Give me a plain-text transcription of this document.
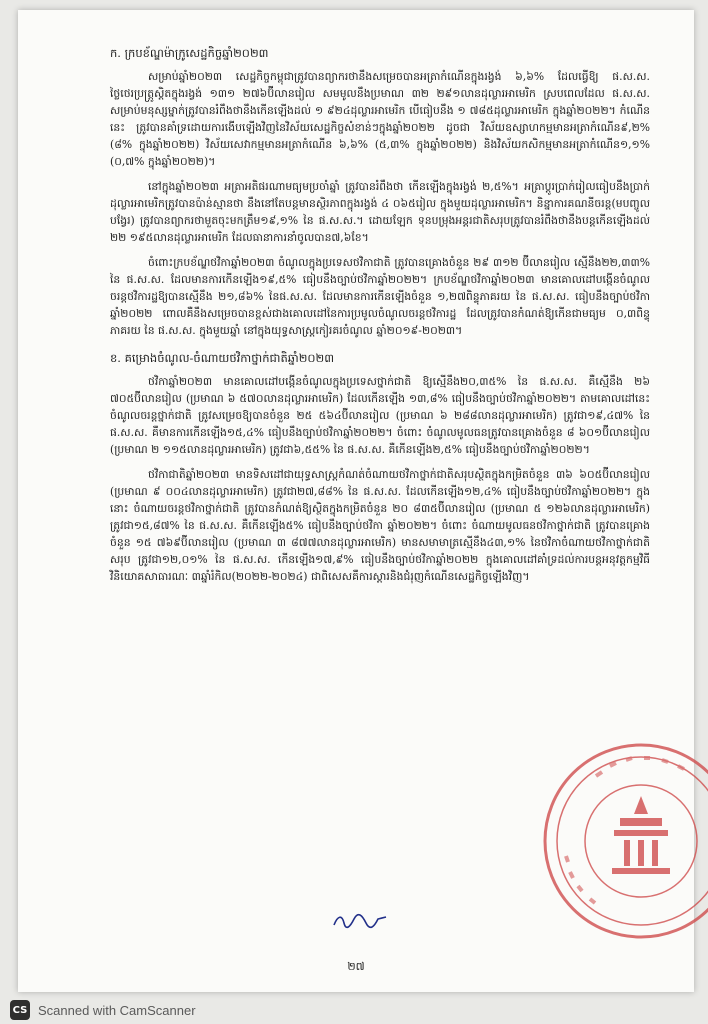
ក. ក្របខ័ណ្ឌម៉ាក្រូសេដ្ឋកិច្ចឆ្នាំ២០២៣

សម្រាប់ឆ្នាំ២០២៣ សេដ្ឋកិច្ចកម្ពុជាត្រូវបានព្យាករថានឹងសម្រេចបានអត្រាកំណើនក្នុងរង្វង់ ៦,៦% ដែលធ្វើឱ្យ ផ.ស.ស. ថ្លៃថេរប្រត្ត្រូស្តិតក្នុងរង្វង់ ១៣១ ២៧៦ប៊ីលានរៀល សមមូលនឹងប្រមាណ ៣២ ២៩១លានដុល្លារអាមេរិក ស្របពេលដែល ផ.ស.ស. សម្រាប់មនុស្សម្នាក់ត្រូវបានរំពឹងថានឹងកើនឡើងដល់ ១ ៩២៤ដុល្លារអាមេរិក បើធៀបនឹង ១ ៧៨៥ដុល្លារអាមេរិក ក្នុងឆ្នាំ២០២២។ កំណើននេះ ត្រូវបានគាំទ្រដោយការងើបឡើងវិញនៃវិស័យសេដ្ឋកិច្ចសំខាន់ៗក្នុងឆ្នាំ២០២២ ដូចជា វិស័យឧស្សាហកម្មមានអត្រាកំណើន៩,២% (៨% ក្នុងឆ្នាំ២០២២) វិស័យសេវាកម្មមានអត្រាកំណើន ៦,៦% (៥,៣% ក្នុងឆ្នាំ២០២២) និងវិស័យកសិកម្មមានអត្រាកំណើន១,១% (០,៧% ក្នុងឆ្នាំ២០២២)។

នៅក្នុងឆ្នាំ២០២៣ អត្រាអតិផរណាមធ្យមប្រចាំឆ្នាំ ត្រូវបានរំពឹងថា កើនឡើងក្នុងរង្វង់ ២,៥%។ អត្រាប្តូរប្រាក់រៀលធៀបនឹងប្រាក់ដុល្លារអាមេរិកត្រូវបានប៉ាន់ស្មានថា នឹងនៅតែបន្តមានស្ថិរភាពក្នុងរង្វង់ ៤ ០៦៥រៀល ក្នុងមួយដុល្លារអាមេរិក។ និន្នាការគណនីចរន្ត(មបញ្ចូលបង្វែរ) ត្រូវបានព្យាករថាមួតចុះមកត្រឹម១៩,១% នៃ ផ.ស.ស.។ ដោយឡែក ទុនបម្រុងអន្តរជាតិសរុបត្រូវបានរំពឹងថានឹងបន្តកើនឡើងដល់ ២២ ១៩៥លានដុល្លារអាមេរិក ដែលធានាការនាំចូលបាន៧,៦ខែ។

ចំពោះក្របខ័ណ្ឌថវិកាឆ្នាំ២០២៣ ចំណូលក្នុងប្រទេសថវិកាជាតិ ត្រូវបានគ្រោងចំនួន ២៩ ៣១២ ប៊ីលានរៀល ស្មើនឹង២២,៣៣% នៃ ផ.ស.ស. ដែលមានការកើនឡើង១៩,៥% ធៀបនឹងច្បាប់ថវិកាឆ្នាំ២០២២។ ក្របខ័ណ្ឌថវិកាឆ្នាំ២០២៣ មានគោលដៅបង្កើនចំណូលចរន្តថវិការដ្ឋឱ្យបានស្មើនឹង ២១,៨៦% នៃផ.ស.ស. ដែលមានការកើនឡើងចំនួន ១,២៧ពិន្ទុភាគរយ នៃ ផ.ស.ស. ធៀបនឹងច្បាប់ថវិកាឆ្នាំ២០២២ ពោលគឺនឹងសម្រេចបានខ្ពស់ជាងគោលដៅនៃការប្រមូលចំណូលចរន្តថវិការដ្ឋ ដែលត្រូវបានកំណត់ឱ្យកើនជាមធ្យម ០,៣ពិន្ទុភាគរយ នៃ ផ.ស.ស. ក្នុងមួយឆ្នាំ នៅក្នុងយុទ្ធសាស្ត្រកៀរគរចំណូល ឆ្នាំ២០១៩-២០២៣។

ខ. គម្រោងចំណូល-ចំណាយថវិកាថ្នាក់ជាតិឆ្នាំ២០២៣

ថវិកាឆ្នាំ២០២៣ មានគោលដៅបង្កើនចំណូលក្នុងប្រទេសថ្នាក់ជាតិ ឱ្យស្មើនឹង២០,៣៥% នៃ ផ.ស.ស. គឺស្មើនឹង ២៦ ៧០៥ប៊ីលានរៀល (ប្រមាណ ៦ ៥៧០លានដុល្លារអាមេរិក) ដែលកើនឡើង ១៣,៨% ធៀបនឹងច្បាប់ថវិកាឆ្នាំ២០២២។ តាមគោលដៅនេះ ចំណូលចរន្តថ្នាក់ជាតិ ត្រូវសម្រេចឱ្យបានចំនួន ២៥ ៥៦៤ប៊ីលានរៀល (ប្រមាណ ៦ ២៨៨លានដុល្លារអាមេរិក) ត្រូវជា១៩,៤៧% នៃ ផ.ស.ស. គឺមានការកើនឡើង១៥,៤% ធៀបនឹងច្បាប់ថវិកាឆ្នាំ២០២២។ ចំពោះ ចំណូលមូលធនត្រូវបានគ្រោងចំនួន ៨ ៦០១ប៊ីលានរៀល (ប្រមាណ ២ ១១៥លានដុល្លារអាមេរិក) ត្រូវជា៦,៥៥% នៃ ផ.ស.ស. គឺកើនឡើង២,៥% ធៀបនឹងច្បាប់ថវិកាឆ្នាំ២០២២។

ថវិកាជាតិឆ្នាំ២០២៣ មានទិសដៅជាយុទ្ធសាស្ត្រកំណត់ចំណាយថវិកាថ្នាក់ជាតិសរុបស្ថិតក្នុងកម្រិតចំនួន ៣៦ ៦០៥ប៊ីលានរៀល (ប្រមាណ ៩ ០០៤លានដុល្លារអាមេរិក) ត្រូវជា២៧,៨៨% នៃ ផ.ស.ស. ដែលកើនឡើង១២,៤% ធៀបនឹងច្បាប់ថវិកាឆ្នាំ២០២២។ ក្នុងនោះ ចំណាយចរន្តថវិកាថ្នាក់ជាតិ ត្រូវបានកំណត់ឱ្យស្ថិតក្នុងកម្រិតចំនួន ២០ ៨៣៥ប៊ីលានរៀល (ប្រមាណ ៥ ១២៦លានដុល្លារអាមេរិក) ត្រូវជា១៥,៨៧% នៃ ផ.ស.ស. គឺកើនឡើង៥% ធៀបនឹងច្បាប់ថវិកា ឆ្នាំ២០២២។ ចំពោះ ចំណាយមូលធនថវិកាថ្នាក់ជាតិ ត្រូវបានគ្រោងចំនួន ១៥ ៧៦៩ប៊ីលានរៀល (ប្រមាណ ៣ ៨៧៧លានដុល្លារអាមេរិក) មានសមាមាត្រស្មើនឹង៤៣,១% នៃថវិកាចំណាយថវិកាថ្នាក់ជាតិសរុប ត្រូវជា១២,០១% នៃ ផ.ស.ស. កើនឡើង១៧,៩% ធៀបនឹងច្បាប់ថវិកាឆ្នាំ២០២២ ក្នុងគោលដៅគាំទ្រដល់ការបន្តអនុវត្តកម្មវិធីវិនិយោគសាធារណៈ ៣ឆ្នាំរំកិល(២០២២-២០២៤) ជាពិសេសគឺការស្តារនិងជំរុញកំណើនសេដ្ឋកិច្ចឡើងវិញ។

២៧
CS Scanned with CamScanner
